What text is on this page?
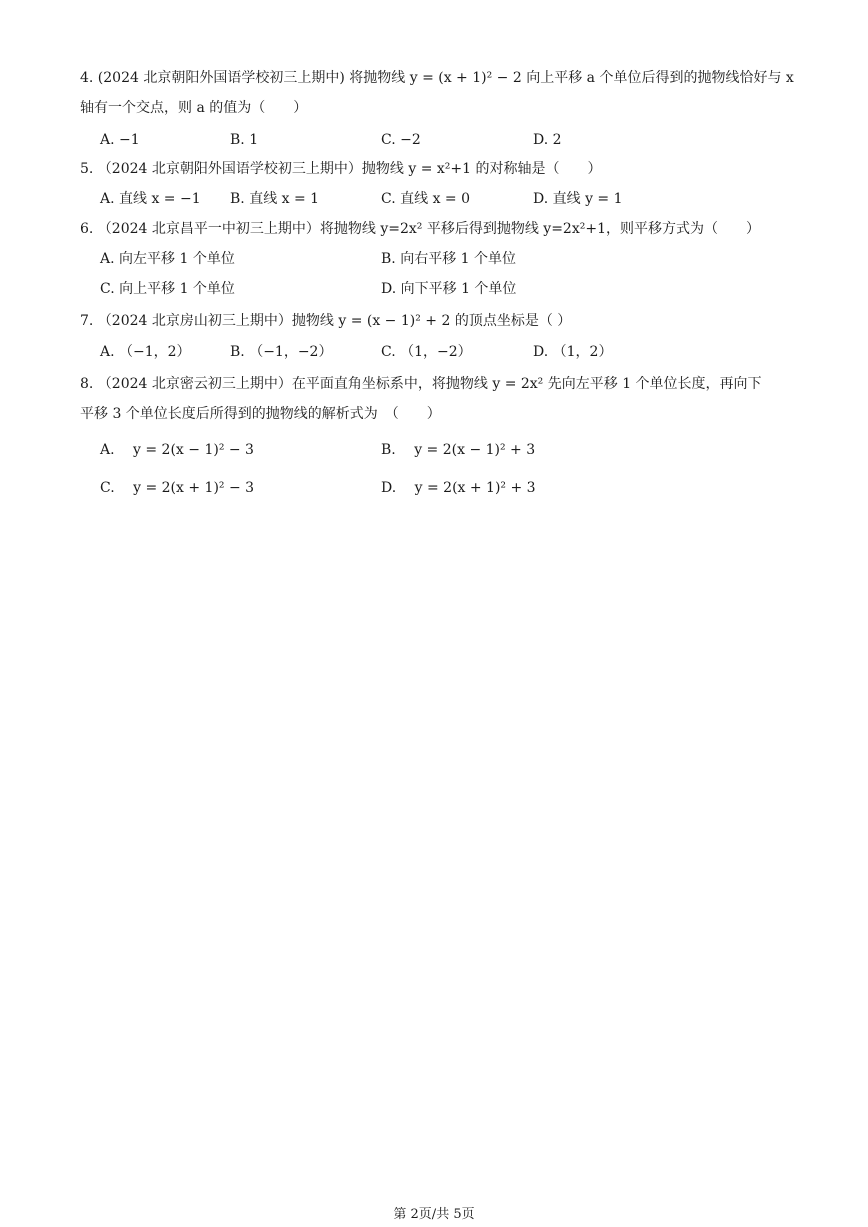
4. (2024 北京朝阳外国语学校初三上期中) 将抛物线 y = (x + 1)² − 2 向上平移 a 个单位后得到的抛物线恰好与 x
轴有一个交点，则 a 的值为（　　）
A. −1	B. 1	C. −2	D. 2
5. （2024 北京朝阳外国语学校初三上期中）抛物线 y = x²+1 的对称轴是（　　）
A. 直线 x = −1 B. 直线 x = 1	C. 直线 x = 0	D. 直线 y = 1
6. （2024 北京昌平一中初三上期中）将抛物线 y=2x² 平移后得到抛物线 y=2x²+1，则平移方式为（　　）
A. 向左平移 1 个单位	B. 向右平移 1 个单位
C. 向上平移 1 个单位	D. 向下平移 1 个单位
7. （2024 北京房山初三上期中）抛物线 y = (x − 1)² + 2 的顶点坐标是（ ）
A. （−1，2）	B. （−1，−2）	C. （1，−2）	D. （1，2）
8. （2024 北京密云初三上期中）在平面直角坐标系中，将抛物线 y = 2x² 先向左平移 1 个单位长度，再向下
平移 3 个单位长度后所得到的抛物线的解析式为　（　　）
A.　 y = 2(x − 1)² − 3	B.　 y = 2(x − 1)² + 3
C.　 y = 2(x + 1)² − 3	D.　 y = 2(x + 1)² + 3
第 2页/共 5页
